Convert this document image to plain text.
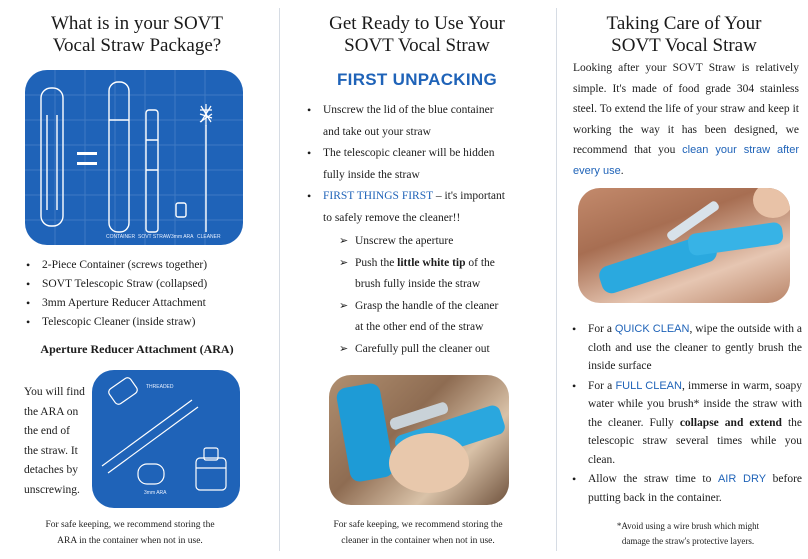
What is in your SOVT
Vocal Straw Package?
CONTAINER SOVT STRAW 3mm ARA CLEANER
• 2-Piece Container (screws together)
• SOVT Telescopic Straw (collapsed)
• 3mm Aperture Reducer Attachment
• Telescopic Cleaner (inside straw)
Aperture Reducer Attachment (ARA)
You will find
the ARA on
the end of
the straw. It
detaches by
unscrewing.
THREADED
3mm ARA
For safe keeping, we recommend storing the
ARA in the container when not in use.
Get Ready to Use Your
SOVT Vocal Straw
FIRST UNPACKING
• Unscrew the lid of the blue container
and take out your straw
• The telescopic cleaner will be hidden
fully inside the straw
• FIRST THINGS FIRST – it's important
to safely remove the cleaner!!
➢ Unscrew the aperture
➢ Push the little white tip of the
brush fully inside the straw
➢ Grasp the handle of the cleaner
at the other end of the straw
➢ Carefully pull the cleaner out
For safe keeping, we recommend storing the
cleaner in the container when not in use.
Taking Care of Your
SOVT Vocal Straw
Looking after your SOVT Straw is relatively simple. It's made of food grade 304 stainless steel. To extend the life of your straw and keep it working the way it has been designed, we recommend that you clean your straw after every use.
• For a QUICK CLEAN, wipe the outside with a cloth and use the cleaner to gently brush the inside surface
• For a FULL CLEAN, immerse in warm, soapy water while you brush* inside the straw with the cleaner. Fully collapse and extend the telescopic straw several times while you clean.
• Allow the straw time to AIR DRY before putting back in the container.
*Avoid using a wire brush which might
damage the straw's protective layers.
